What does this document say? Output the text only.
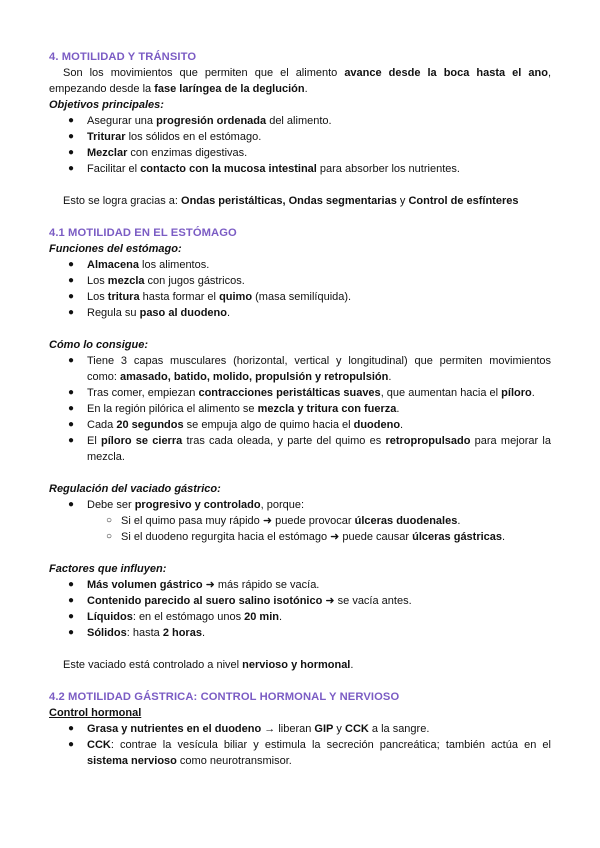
4. MOTILIDAD Y TRÁNSITO
Son los movimientos que permiten que el alimento avance desde la boca hasta el ano,
empezando desde la fase laríngea de la deglución.
Objetivos principales:
● Asegurar una progresión ordenada del alimento.
● Triturar los sólidos en el estómago.
● Mezclar con enzimas digestivas.
● Facilitar el contacto con la mucosa intestinal para absorber los nutrientes.
Esto se logra gracias a: Ondas peristálticas, Ondas segmentarias y Control de esfínteres
4.1 MOTILIDAD EN EL ESTÓMAGO
Funciones del estómago:
● Almacena los alimentos.
● Los mezcla con jugos gástricos.
● Los tritura hasta formar el quimo (masa semilíquida).
● Regula su paso al duodeno.
Cómo lo consigue:
● Tiene 3 capas musculares (horizontal, vertical y longitudinal) que permiten movimientos
como: amasado, batido, molido, propulsión y retropulsión.
● Tras comer, empiezan contracciones peristálticas suaves, que aumentan hacia el píloro.
● En la región pilórica el alimento se mezcla y tritura con fuerza.
● Cada 20 segundos se empuja algo de quimo hacia el duodeno.
● El píloro se cierra tras cada oleada, y parte del quimo es retropropulsado para mejorar la
mezcla.
Regulación del vaciado gástrico:
● Debe ser progresivo y controlado, porque:
○ Si el quimo pasa muy rápido ➜ puede provocar úlceras duodenales.
○ Si el duodeno regurgita hacia el estómago ➜ puede causar úlceras gástricas.
Factores que influyen:
● Más volumen gástrico ➜ más rápido se vacía.
● Contenido parecido al suero salino isotónico ➜ se vacía antes.
● Líquidos: en el estómago unos 20 min.
● Sólidos: hasta 2 horas.
Este vaciado está controlado a nivel nervioso y hormonal.
4.2 MOTILIDAD GÁSTRICA: CONTROL HORMONAL Y NERVIOSO
Control hormonal
● Grasa y nutrientes en el duodeno → liberan GIP y CCK a la sangre.
● CCK: contrae la vesícula biliar y estimula la secreción pancreática; también actúa en el
sistema nervioso como neurotransmisor.
